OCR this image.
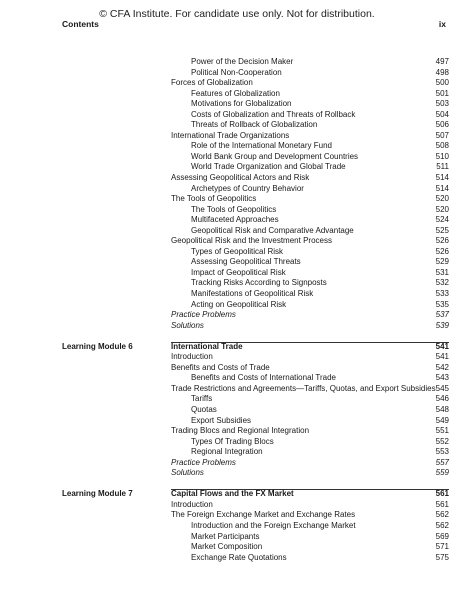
© CFA Institute. For candidate use only. Not for distribution.
Contents	ix
Power of the Decision Maker	497
Political Non-Cooperation	498
Forces of Globalization	500
Features of Globalization	501
Motivations for Globalization	503
Costs of Globalization and Threats of Rollback	504
Threats of Rollback of Globalization	506
International Trade Organizations	507
Role of the International Monetary Fund	508
World Bank Group and Development Countries	510
World Trade Organization and Global Trade	511
Assessing Geopolitical Actors and Risk	514
Archetypes of Country Behavior	514
The Tools of Geopolitics	520
The Tools of Geopolitics	520
Multifaceted Approaches	524
Geopolitical Risk and Comparative Advantage	525
Geopolitical Risk and the Investment Process	526
Types of Geopolitical Risk	526
Assessing Geopolitical Threats	529
Impact of Geopolitical Risk	531
Tracking Risks According to Signposts	532
Manifestations of Geopolitical Risk	533
Acting on Geopolitical Risk	535
Practice Problems	537
Solutions	539
Learning Module 6	International Trade	541
Introduction	541
Benefits and Costs of Trade	542
Benefits and Costs of International Trade	543
Trade Restrictions and Agreements—Tariffs, Quotas, and Export Subsidies 545
Tariffs	546
Quotas	548
Export Subsidies	549
Trading Blocs and Regional Integration	551
Types Of Trading Blocs	552
Regional Integration	553
Practice Problems	557
Solutions	559
Learning Module 7	Capital Flows and the FX Market	561
Introduction	561
The Foreign Exchange Market and Exchange Rates	562
Introduction and the Foreign Exchange Market	562
Market Participants	569
Market Composition	571
Exchange Rate Quotations	575
